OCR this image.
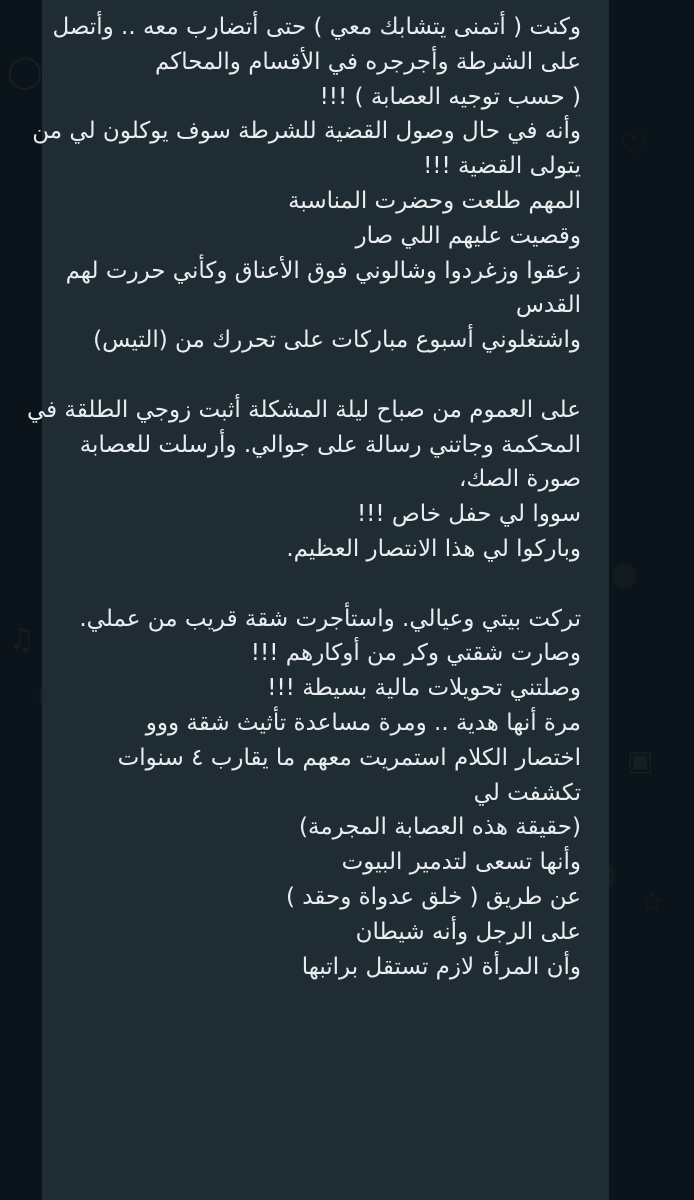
وكنت ( أتمنى يتشابك معي ) حتى أتضارب معه .. وأتصل
على الشرطة وأجرجره في الأقسام والمحاكم
( حسب توجيه العصابة ) !!!
وأنه في حال وصول القضية للشرطة سوف يوكلون لي من
يتولى القضية !!!
المهم طلعت وحضرت المناسبة
وقصيت عليهم اللي صار
زعقوا وزغردوا وشالوني فوق الأعناق وكأني حررت لهم
القدس
واشتغلوني أسبوع مباركات على تحررك من (التيس)
على العموم من صباح ليلة المشكلة أثبت زوجي الطلقة في
المحكمة وجاتني رسالة على جوالي. وأرسلت للعصابة
صورة الصك،
سووا لي حفل خاص !!!
وباركوا لي هذا الانتصار العظيم.
تركت بيتي وعيالي. واستأجرت شقة قريب من عملي.
وصارت شقتي وكر من أوكارهم !!!
وصلتني تحويلات مالية بسيطة !!!
مرة أنها هدية .. ومرة مساعدة تأثيث شقة ووو
اختصار الكلام استمريت معهم ما يقارب ٤ سنوات
تكشفت لي
(حقيقة هذه العصابة المجرمة)
وأنها تسعى لتدمير البيوت
عن طريق ( خلق عدواة وحقد )
على الرجل وأنه شيطان
وأن المرأة لازم تستقل براتبها
